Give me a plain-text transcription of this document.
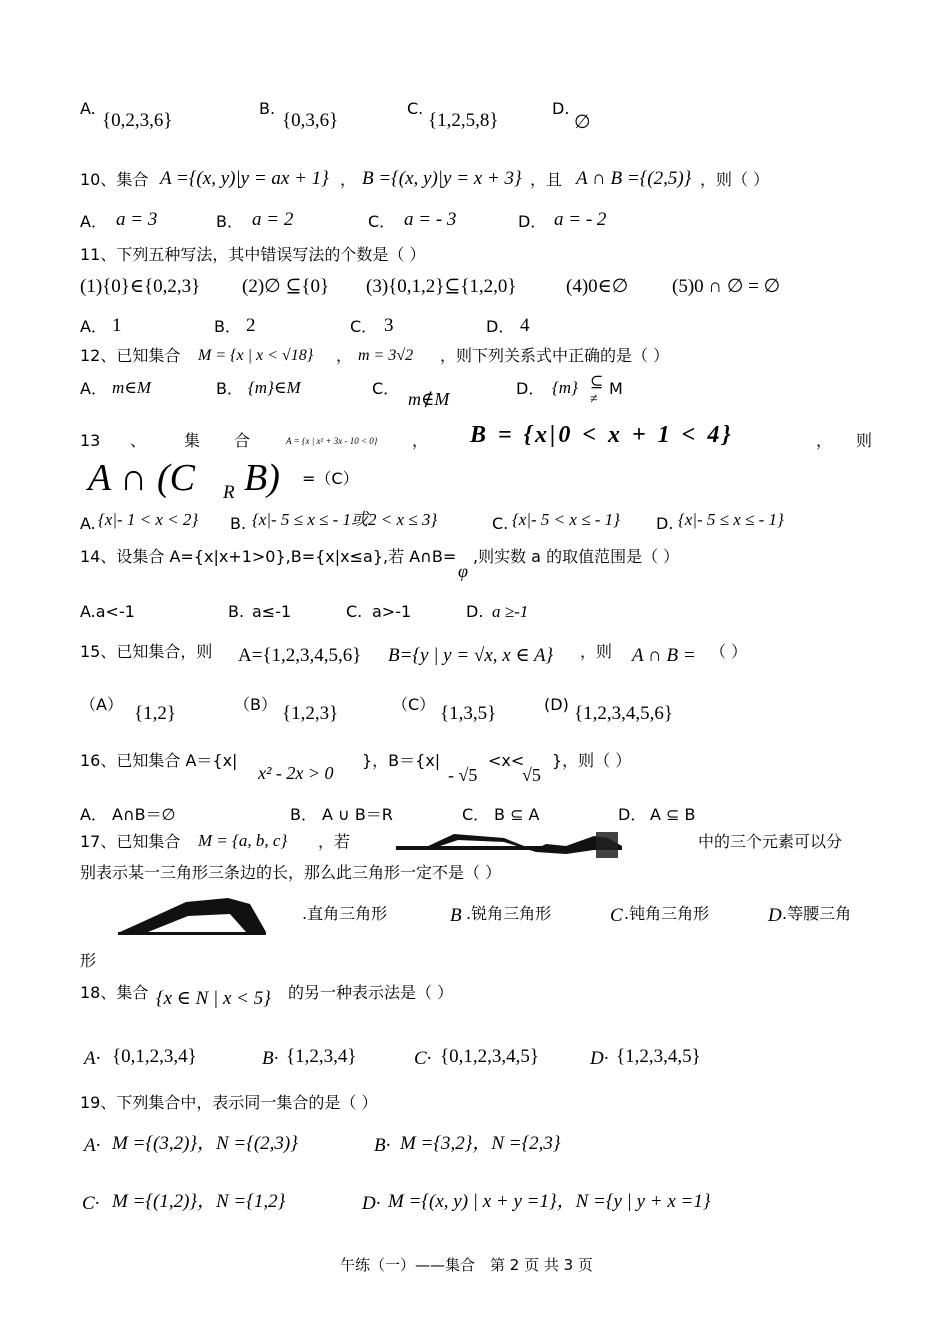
A.
{0,2,3,6}
B.
{0,3,6}
C.
{1,2,5,8}
D.
∅
10、集合 A ={(x, y)|y = ax + 1} ， B ={(x, y)|y = x + 3} ，且 A ∩ B ={(2,5)} ，则（ ）
A． a = 3	B． a = 2	C． a = - 3	D． a = - 2
11、下列五种写法，其中错误写法的个数是（ ）
(1){0}∈{0,2,3} (2)∅ ⊆{0} (3){0,1,2}⊆{1,2,0}	(4)0∈∅ (5)0 ∩ ∅ = ∅
A． 1	B． 2	C． 3	D． 4
12、已知集合 M = {x | x < √18} ， m = 3√2 ，则下列关系式中正确的是（ ）
A． m∈M	B． {m}∈M	C．
m∉M
D． {m} ⊆
≠
M
13 、 集 合	A = {x | x² + 3x - 10 < 0} ， B = {x|0 < x + 1 < 4}	， 则
A ∩ (C R B) =（C）
A. {x|- 1 < x < 2} B. {x|- 5 ≤ x ≤ - 1或2 < x ≤ 3}	C. {x|- 5 < x ≤ - 1} D. {x|- 5 ≤ x ≤ - 1}
14、设集合 A={x|x+1>0},B={x|x≤a},若 A∩B=
φ
,则实数 a 的取值范围是（ ）
A.a<-1	B. a≤-1	C. a>-1	D. a ≥-1
15、已知集合，则 A={1,2,3,4,5,6} B={y | y = √x, x ∈ A} ，则 A ∩ B = （ ）
（A） {1,2}	（B） {1,2,3}	（C） {1,3,5}	(D) {1,2,3,4,5,6}
16、已知集合 A＝{x|
x² - 2x > 0
}，B＝{x|
- √5
<x<
√5
}，则（ ）
A． A∩B＝∅	B． A ∪ B＝R	C． B ⊆ A	D． A ⊆ B
17、已知集合 M = {a, b, c} ，若	中的三个元素可以分
别表示某一三角形三条边的长，那么此三角形一定不是（ ）
.直角三角形	B .锐角三角形	C .钝角三角形	D .等腰三角
形
18、集合 {x ∈ N | x < 5} 的另一种表示法是（ ）
A· {0,1,2,3,4}	B· {1,2,3,4}	C· {0,1,2,3,4,5}	D· {1,2,3,4,5}
19、下列集合中，表示同一集合的是（ ）
A· M ={(3,2)}，N ={(2,3)}	B· M ={3,2}，N ={2,3}
C· M ={(1,2)}，N ={1,2}	D· M ={(x, y) | x + y =1}，N ={y | y + x =1}
午练（一）——集合　第 2 页 共 3 页
